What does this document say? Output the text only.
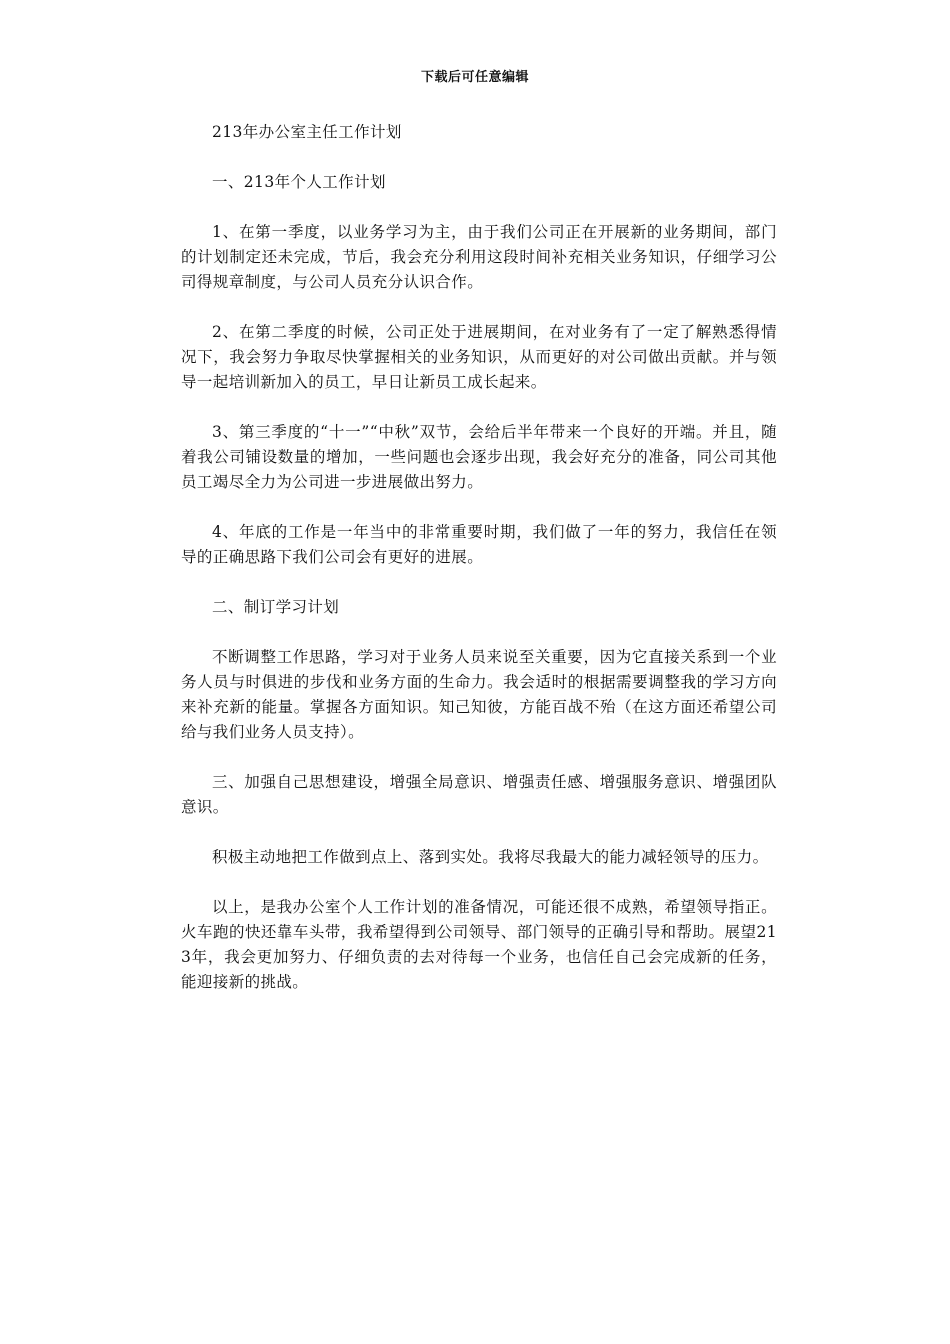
下载后可任意编辑

213年办公室主任工作计划

一、213年个人工作计划

1、在第一季度，以业务学习为主，由于我们公司正在开展新的业务期间，部门的计划制定还未完成，节后，我会充分利用这段时间补充相关业务知识，仔细学习公司得规章制度，与公司人员充分认识合作。

2、在第二季度的时候，公司正处于进展期间，在对业务有了一定了解熟悉得情况下，我会努力争取尽快掌握相关的业务知识，从而更好的对公司做出贡献。并与领导一起培训新加入的员工，早日让新员工成长起来。

3、第三季度的“十一”“中秋”双节，会给后半年带来一个良好的开端。并且，随着我公司铺设数量的增加，一些问题也会逐步出现，我会好充分的准备，同公司其他员工竭尽全力为公司进一步进展做出努力。

4、年底的工作是一年当中的非常重要时期，我们做了一年的努力，我信任在领导的正确思路下我们公司会有更好的进展。

二、制订学习计划

不断调整工作思路，学习对于业务人员来说至关重要，因为它直接关系到一个业务人员与时俱进的步伐和业务方面的生命力。我会适时的根据需要调整我的学习方向来补充新的能量。掌握各方面知识。知己知彼，方能百战不殆（在这方面还希望公司给与我们业务人员支持）。

三、加强自己思想建设，增强全局意识、增强责任感、增强服务意识、增强团队意识。

积极主动地把工作做到点上、落到实处。我将尽我最大的能力减轻领导的压力。

以上，是我办公室个人工作计划的准备情况，可能还很不成熟，希望领导指正。火车跑的快还靠车头带，我希望得到公司领导、部门领导的正确引导和帮助。展望213年，我会更加努力、仔细负责的去对待每一个业务，也信任自己会完成新的任务，能迎接新的挑战。
